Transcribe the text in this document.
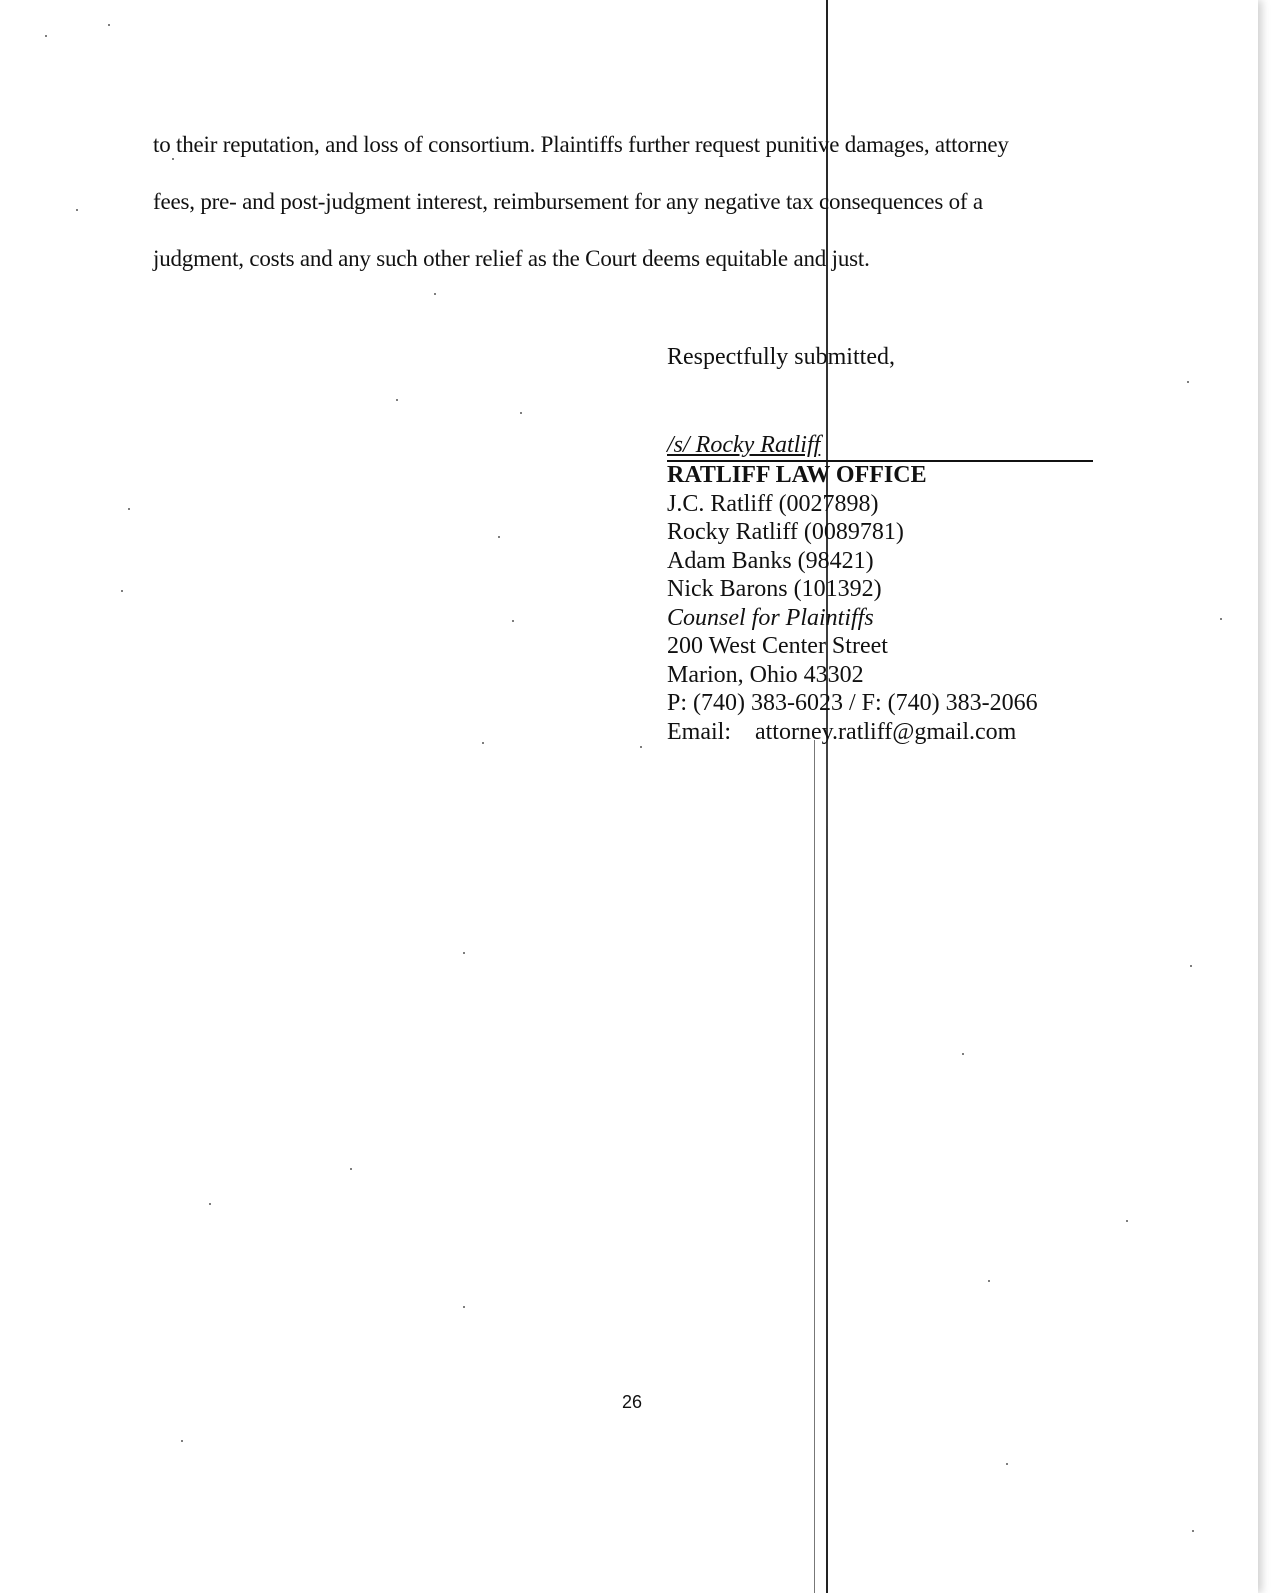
to their reputation, and loss of consortium. Plaintiffs further request punitive damages, attorney
fees, pre- and post-judgment interest, reimbursement for any negative tax consequences of a
judgment, costs and any such other relief as the Court deems equitable and just.

Respectfully submitted,

/s/ Rocky Ratliff

RATLIFF LAW OFFICE
J.C. Ratliff (0027898)
Rocky Ratliff (0089781)
Adam Banks (98421)
Nick Barons (101392)
Counsel for Plaintiffs
200 West Center Street
Marion, Ohio 43302
P: (740) 383-6023 / F: (740) 383-2066
Email: attorney.ratliff@gmail.com

26
